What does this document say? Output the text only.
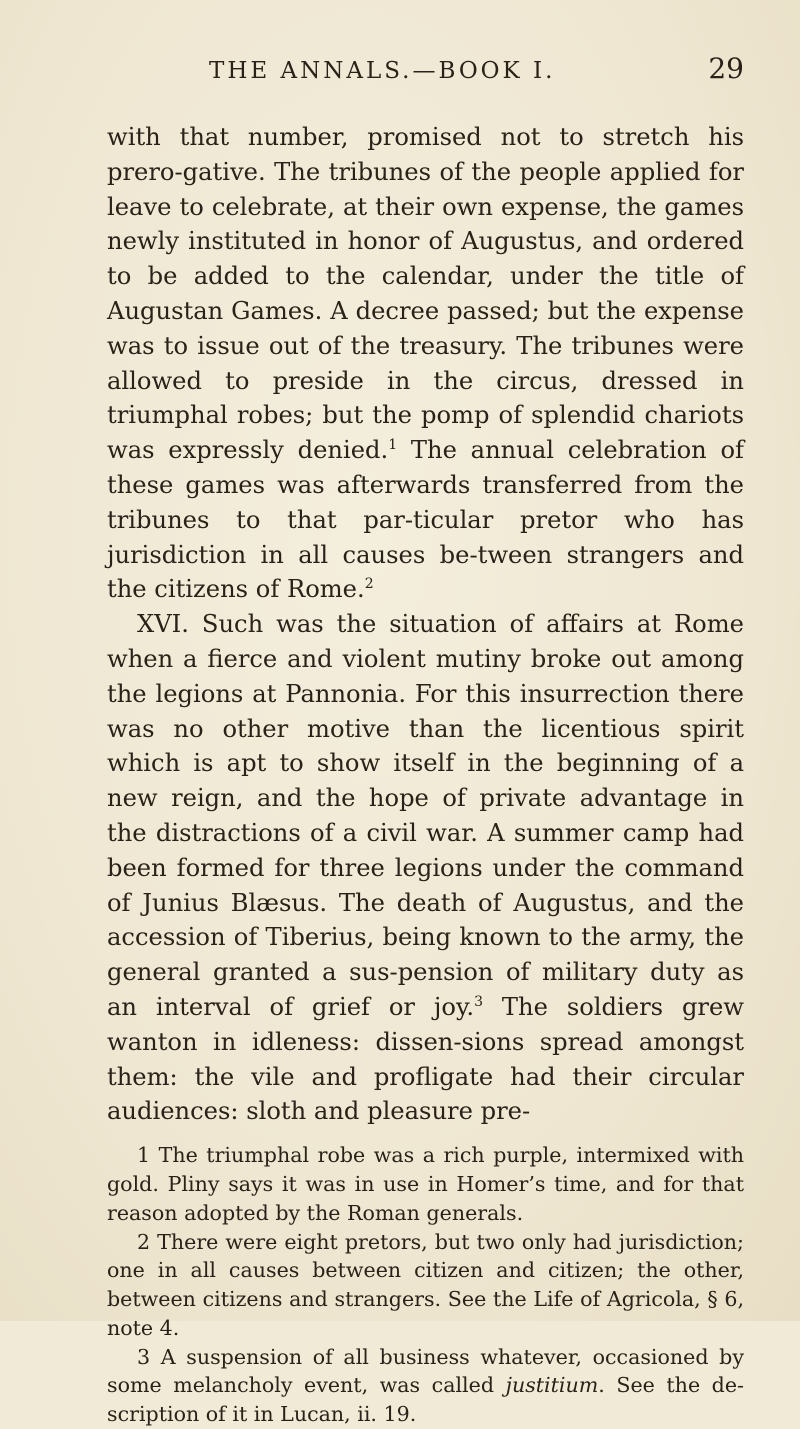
THE ANNALS.—BOOK I.	29

with that number, promised not to stretch his prero-gative. The tribunes of the people applied for leave to celebrate, at their own expense, the games newly instituted in honor of Augustus, and ordered to be added to the calendar, under the title of Augustan Games. A decree passed; but the expense was to issue out of the treasury. The tribunes were allowed to preside in the circus, dressed in triumphal robes; but the pomp of splendid chariots was expressly denied.$^1$ The annual celebration of these games was afterwards transferred from the tribunes to that par-ticular pretor who has jurisdiction in all causes be-tween strangers and the citizens of Rome.$^2$

XVI. Such was the situation of affairs at Rome when a fierce and violent mutiny broke out among the legions at Pannonia. For this insurrection there was no other motive than the licentious spirit which is apt to show itself in the beginning of a new reign, and the hope of private advantage in the distractions of a civil war. A summer camp had been formed for three legions under the command of Junius Blæsus. The death of Augustus, and the accession of Tiberius, being known to the army, the general granted a sus-pension of military duty as an interval of grief or joy.$^3$ The soldiers grew wanton in idleness: dissen-sions spread amongst them: the vile and profligate had their circular audiences: sloth and pleasure pre-

1 The triumphal robe was a rich purple, intermixed with gold. Pliny says it was in use in Homer’s time, and for that reason adopted by the Roman generals.

2 There were eight pretors, but two only had jurisdiction; one in all causes between citizen and citizen; the other, between citizens and strangers. See the Life of Agricola, § 6, note 4.

3 A suspension of all business whatever, occasioned by some melancholy event, was called justitium. See the de-scription of it in Lucan, ii. 19.
